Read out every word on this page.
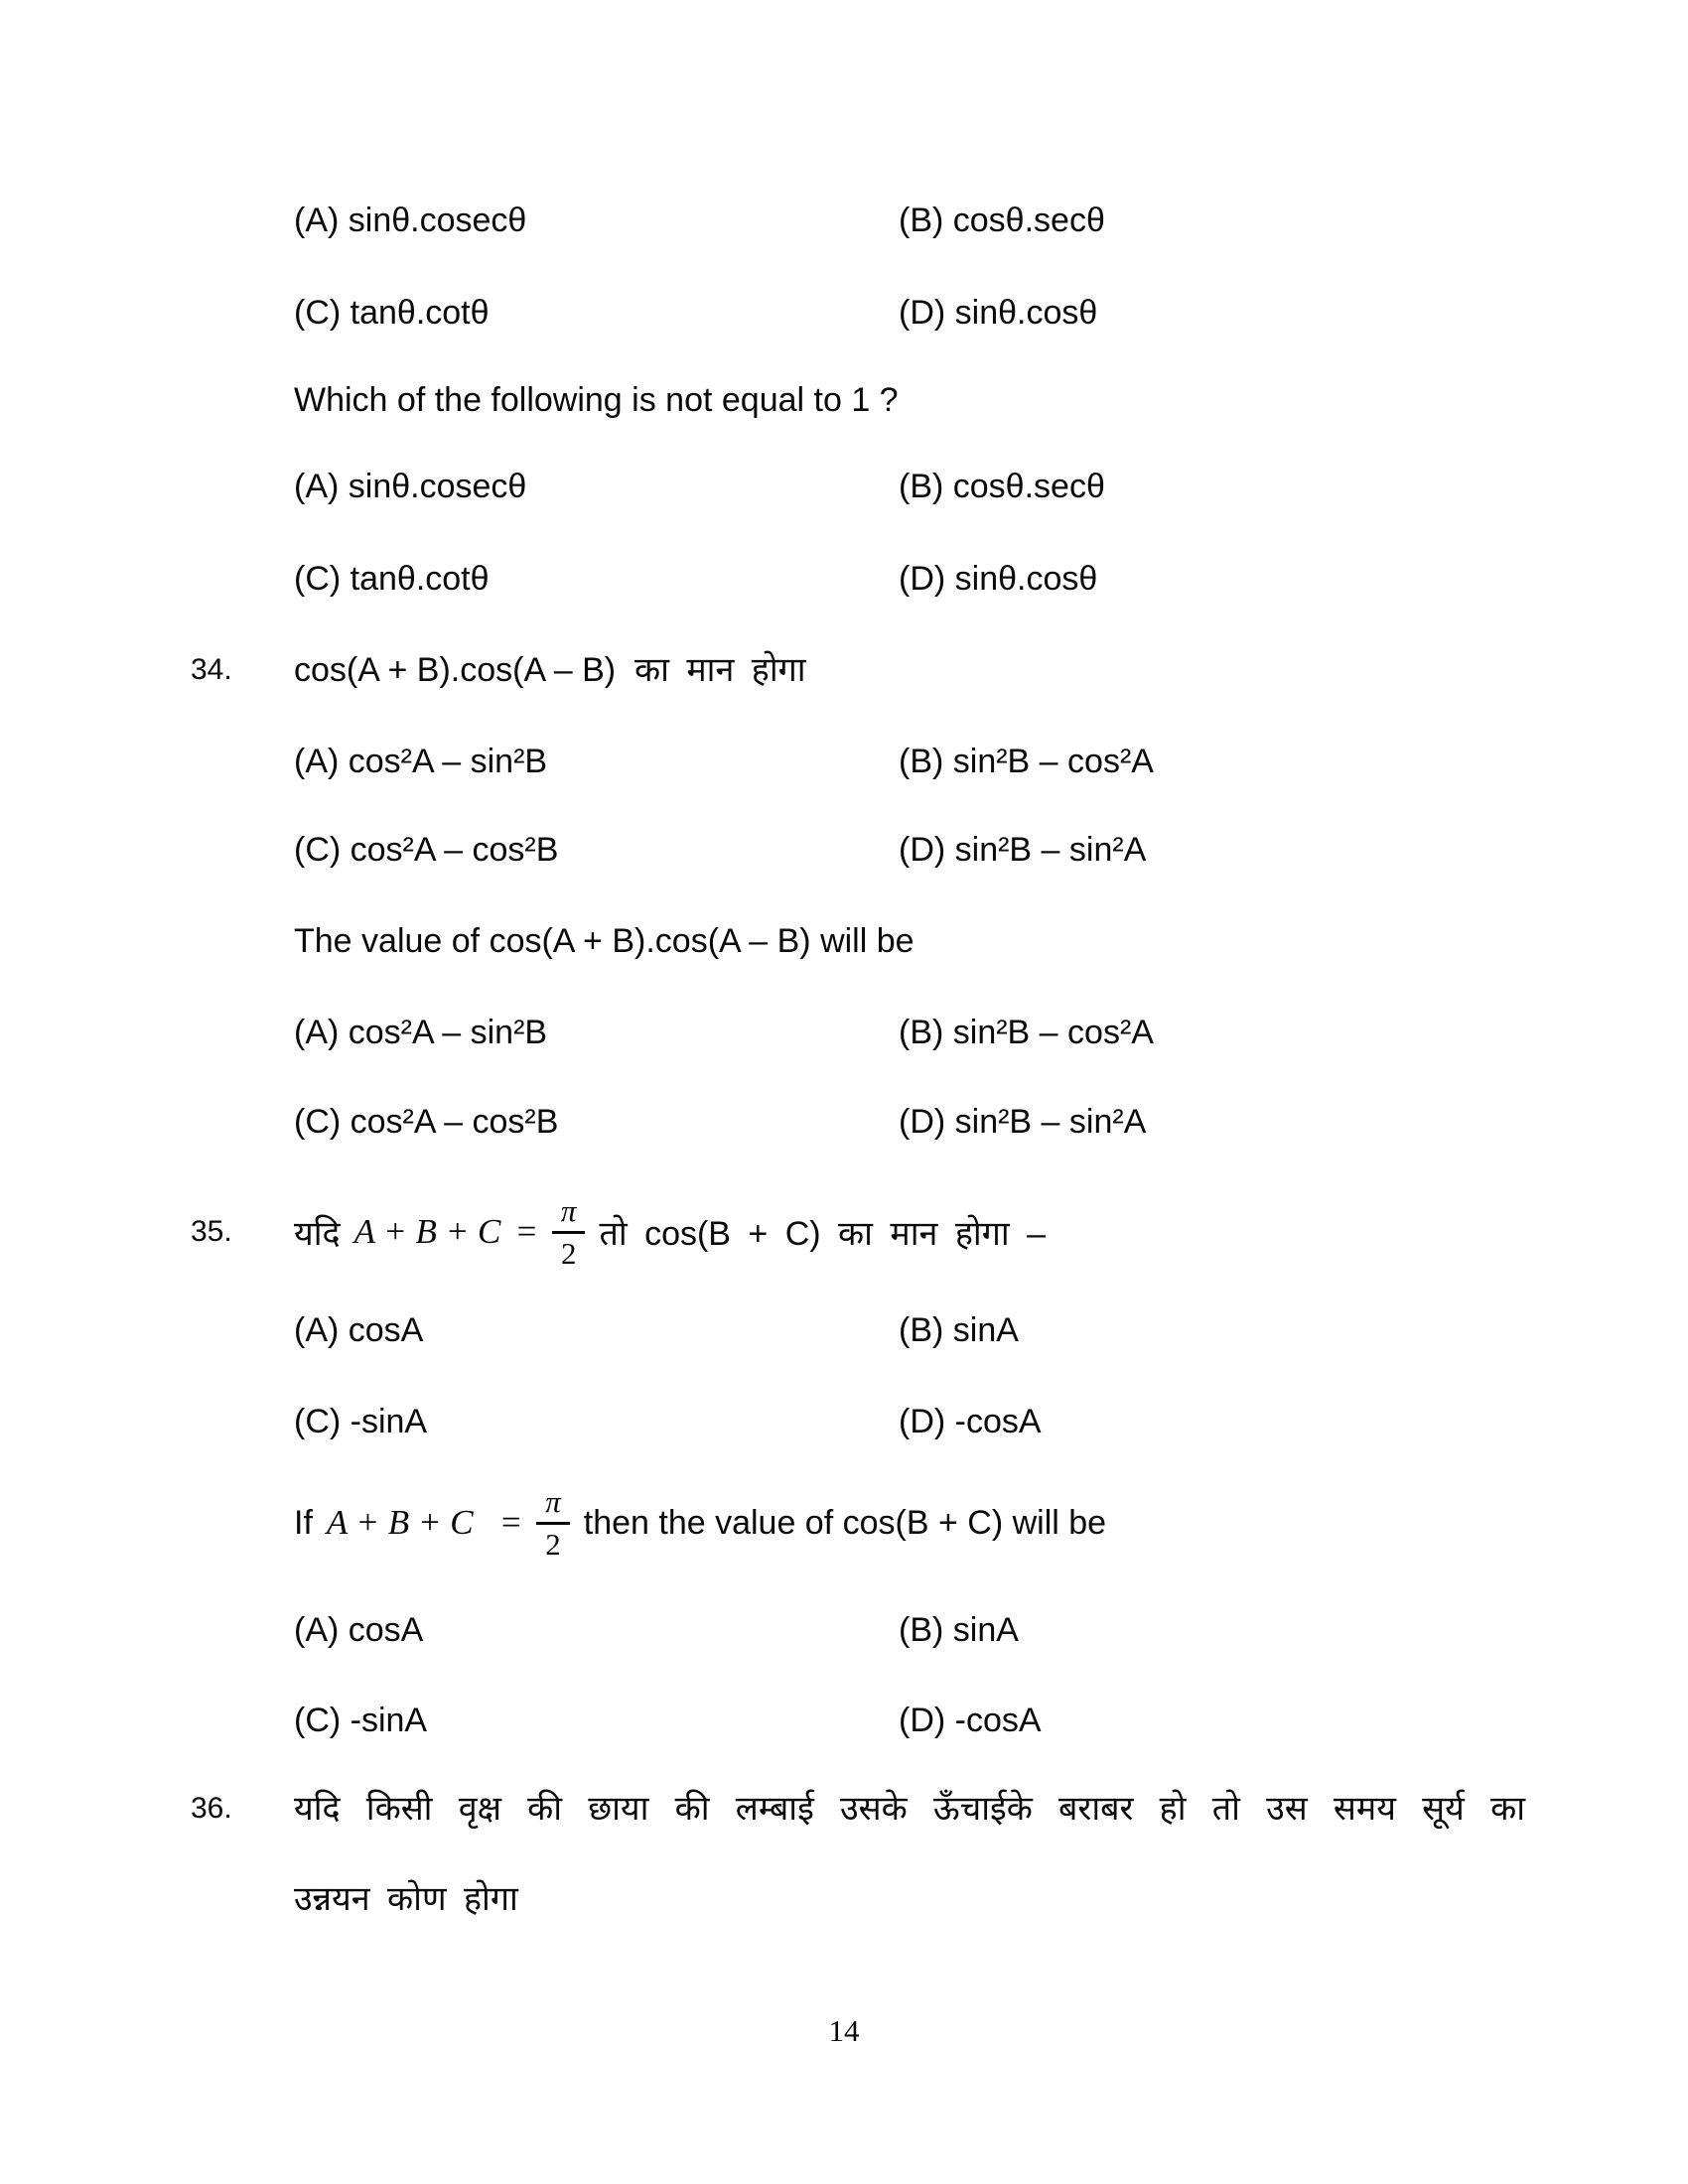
(A) sinθ.cosecθ	(B) cosθ.secθ
(C) tanθ.cotθ	(D) sinθ.cosθ
Which of the following is not equal to 1 ?
(A) sinθ.cosecθ	(B) cosθ.secθ
(C) tanθ.cotθ	(D) sinθ.cosθ
34. cos(A + B).cos(A – B) का मान होगा
(A) cos²A – sin²B	(B) sin²B – cos²A
(C) cos²A – cos²B	(D) sin²B – sin²A
The value of cos(A + B).cos(A – B) will be
(A) cos²A – sin²B	(B) sin²B – cos²A
(C) cos²A – cos²B	(D) sin²B – sin²A
35. यदि $A + B + C = \frac{\pi}{2}$ तो cos(B + C) का मान होगा –
(A) cosA	(B) sinA
(C) -sinA	(D) -cosA
If $A + B + C = \frac{\pi}{2}$ then the value of cos(B + C) will be
(A) cosA	(B) sinA
(C) -sinA	(D) -cosA
36. यदि किसी वृक्ष की छाया की लम्बाई उसके ऊँचाईके बराबर हो तो उस समय सूर्य का
उन्नयन कोण होगा
14
